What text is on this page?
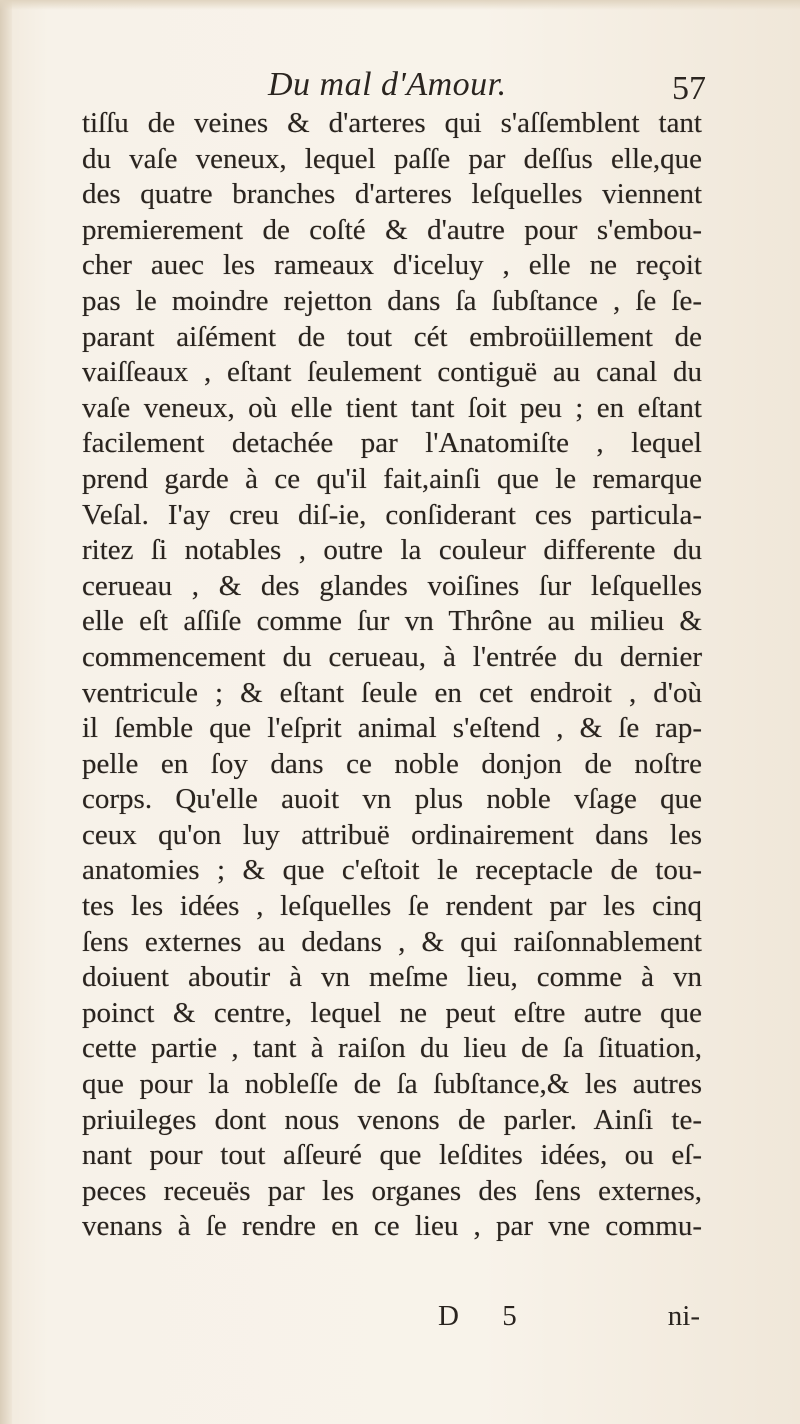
Du mal d'Amour.	57
tiſſu de veines & d'arteres qui s'aſſemblent tant
du vaſe veneux, lequel paſſe par deſſus elle,que
des quatre branches d'arteres leſquelles viennent
premierement de coſté & d'autre pour s'embou-
cher auec les rameaux d'iceluy , elle ne reçoit
pas le moindre rejetton dans ſa ſubſtance , ſe ſe-
parant aiſément de tout cét embroüillement de
vaiſſeaux , eſtant ſeulement contiguë au canal du
vaſe veneux, où elle tient tant ſoit peu ; en eſtant
facilement detachée par l'Anatomiſte , lequel
prend garde à ce qu'il fait,ainſi que le remarque
Veſal. I'ay creu diſ-ie, conſiderant ces particula-
ritez ſi notables , outre la couleur differente du
cerueau , & des glandes voiſines ſur leſquelles
elle eſt aſſiſe comme ſur vn Thrône au milieu &
commencement du cerueau, à l'entrée du dernier
ventricule ; & eſtant ſeule en cet endroit , d'où
il ſemble que l'eſprit animal s'eſtend , & ſe rap-
pelle en ſoy dans ce noble donjon de noſtre
corps. Qu'elle auoit vn plus noble vſage que
ceux qu'on luy attribuë ordinairement dans les
anatomies ; & que c'eſtoit le receptacle de tou-
tes les idées , leſquelles ſe rendent par les cinq
ſens externes au dedans , & qui raiſonnablement
doiuent aboutir à vn meſme lieu, comme à vn
poinct & centre, lequel ne peut eſtre autre que
cette partie , tant à raiſon du lieu de ſa ſituation,
que pour la nobleſſe de ſa ſubſtance,& les autres
priuileges dont nous venons de parler. Ainſi te-
nant pour tout aſſeuré que leſdites idées, ou eſ-
peces receuës par les organes des ſens externes,
venans à ſe rendre en ce lieu , par vne commu-
D 5	ni-
